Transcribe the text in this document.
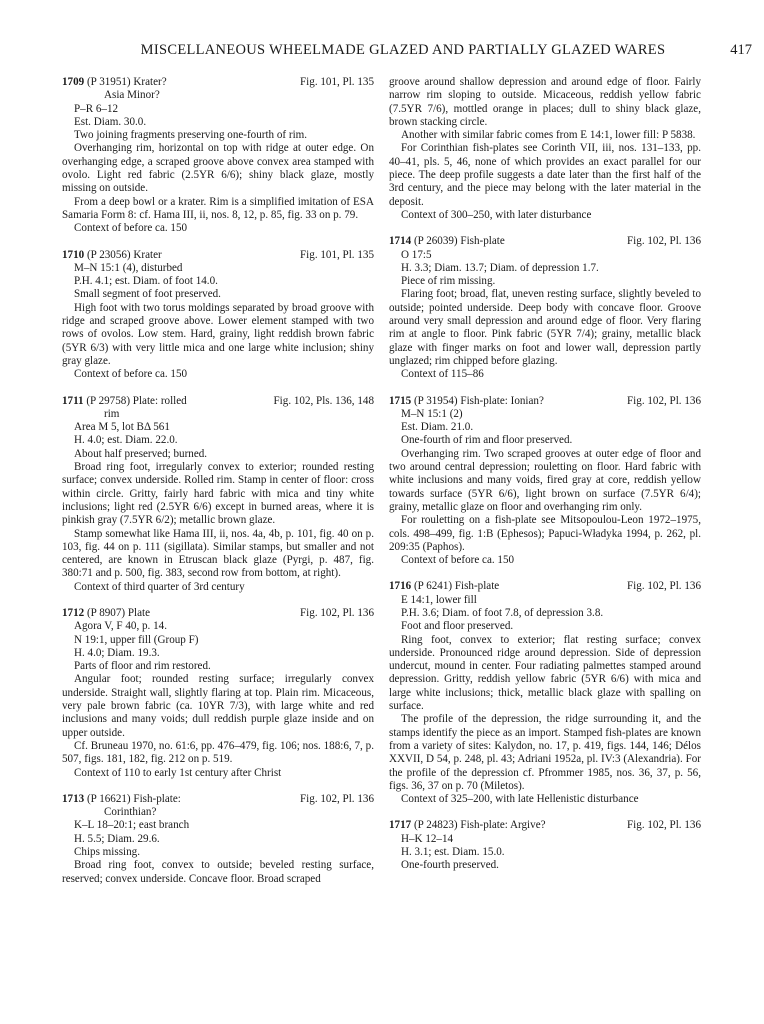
MISCELLANEOUS WHEELMADE GLAZED AND PARTIALLY GLAZED WARES	417

1709 (P 31951) Krater?	Fig. 101, Pl. 135

Asia Minor?

P–R 6–12

Est. Diam. 30.0.

Two joining fragments preserving one-fourth of rim.

Overhanging rim, horizontal on top with ridge at outer edge. On overhanging edge, a scraped groove above convex area stamped with ovolo. Light red fabric (2.5YR 6/6); shiny black glaze, mostly missing on outside.

From a deep bowl or a krater. Rim is a simplified imitation of ESA Samaria Form 8: cf. Hama III, ii, nos. 8, 12, p. 85, fig. 33 on p. 79.

Context of before ca. 150

1710 (P 23056) Krater	Fig. 101, Pl. 135

M–N 15:1 (4), disturbed

P.H. 4.1; est. Diam. of foot 14.0.

Small segment of foot preserved.

High foot with two torus moldings separated by broad groove with ridge and scraped groove above. Lower element stamped with two rows of ovolos. Low stem. Hard, grainy, light reddish brown fabric (5YR 6/3) with very little mica and one large white inclusion; shiny gray glaze.

Context of before ca. 150

1711 (P 29758) Plate: rolled	Fig. 102, Pls. 136, 148

rim

Area M 5, lot BΔ 561

H. 4.0; est. Diam. 22.0.

About half preserved; burned.

Broad ring foot, irregularly convex to exterior; rounded resting surface; convex underside. Rolled rim. Stamp in center of floor: cross within circle. Gritty, fairly hard fabric with mica and tiny white inclusions; light red (2.5YR 6/6) except in burned areas, where it is pinkish gray (7.5YR 6/2); metallic brown glaze.

Stamp somewhat like Hama III, ii, nos. 4a, 4b, p. 101, fig. 40 on p. 103, fig. 44 on p. 111 (sigillata). Similar stamps, but smaller and not centered, are known in Etruscan black glaze (Pyrgi, p. 487, fig. 380:71 and p. 500, fig. 383, second row from bottom, at right).

Context of third quarter of 3rd century

1712 (P 8907) Plate	Fig. 102, Pl. 136

Agora V, F 40, p. 14.

N 19:1, upper fill (Group F)

H. 4.0; Diam. 19.3.

Parts of floor and rim restored.

Angular foot; rounded resting surface; irregularly convex underside. Straight wall, slightly flaring at top. Plain rim. Micaceous, very pale brown fabric (ca. 10YR 7/3), with large white and red inclusions and many voids; dull reddish purple glaze inside and on upper outside.

Cf. Bruneau 1970, no. 61:6, pp. 476–479, fig. 106; nos. 188:6, 7, p. 507, figs. 181, 182, fig. 212 on p. 519.

Context of 110 to early 1st century after Christ

1713 (P 16621) Fish-plate:	Fig. 102, Pl. 136

Corinthian?

K–L 18–20:1; east branch

H. 5.5; Diam. 29.6.

Chips missing.

Broad ring foot, convex to outside; beveled resting surface, reserved; convex underside. Concave floor. Broad scraped

groove around shallow depression and around edge of floor. Fairly narrow rim sloping to outside. Micaceous, reddish yellow fabric (7.5YR 7/6), mottled orange in places; dull to shiny black glaze, brown stacking circle.

Another with similar fabric comes from E 14:1, lower fill: P 5838.

For Corinthian fish-plates see Corinth VII, iii, nos. 131–133, pp. 40–41, pls. 5, 46, none of which provides an exact parallel for our piece. The deep profile suggests a date later than the first half of the 3rd century, and the piece may belong with the later material in the deposit.

Context of 300–250, with later disturbance

1714 (P 26039) Fish-plate	Fig. 102, Pl. 136

O 17:5

H. 3.3; Diam. 13.7; Diam. of depression 1.7.

Piece of rim missing.

Flaring foot; broad, flat, uneven resting surface, slightly beveled to outside; pointed underside. Deep body with concave floor. Groove around very small depression and around edge of floor. Very flaring rim at angle to floor. Pink fabric (5YR 7/4); grainy, metallic black glaze with finger marks on foot and lower wall, depression partly unglazed; rim chipped before glazing.

Context of 115–86

1715 (P 31954) Fish-plate: Ionian?	Fig. 102, Pl. 136

M–N 15:1 (2)

Est. Diam. 21.0.

One-fourth of rim and floor preserved.

Overhanging rim. Two scraped grooves at outer edge of floor and two around central depression; rouletting on floor. Hard fabric with white inclusions and many voids, fired gray at core, reddish yellow towards surface (5YR 6/6), light brown on surface (7.5YR 6/4); grainy, metallic glaze on floor and overhanging rim only.

For rouletting on a fish-plate see Mitsopoulou-Leon 1972–1975, cols. 498–499, fig. 1:B (Ephesos); Papuci-Władyka 1994, p. 262, pl. 209:35 (Paphos).

Context of before ca. 150

1716 (P 6241) Fish-plate	Fig. 102, Pl. 136

E 14:1, lower fill

P.H. 3.6; Diam. of foot 7.8, of depression 3.8.

Foot and floor preserved.

Ring foot, convex to exterior; flat resting surface; convex underside. Pronounced ridge around depression. Side of depression undercut, mound in center. Four radiating palmettes stamped around depression. Gritty, reddish yellow fabric (5YR 6/6) with mica and large white inclusions; thick, metallic black glaze with spalling on surface.

The profile of the depression, the ridge surrounding it, and the stamps identify the piece as an import. Stamped fish-plates are known from a variety of sites: Kalydon, no. 17, p. 419, figs. 144, 146; Délos XXVII, D 54, p. 248, pl. 43; Adriani 1952a, pl. IV:3 (Alexandria). For the profile of the depression cf. Pfrommer 1985, nos. 36, 37, p. 56, figs. 36, 37 on p. 70 (Miletos).

Context of 325–200, with late Hellenistic disturbance

1717 (P 24823) Fish-plate: Argive?	Fig. 102, Pl. 136

H–K 12–14

H. 3.1; est. Diam. 15.0.

One-fourth preserved.
